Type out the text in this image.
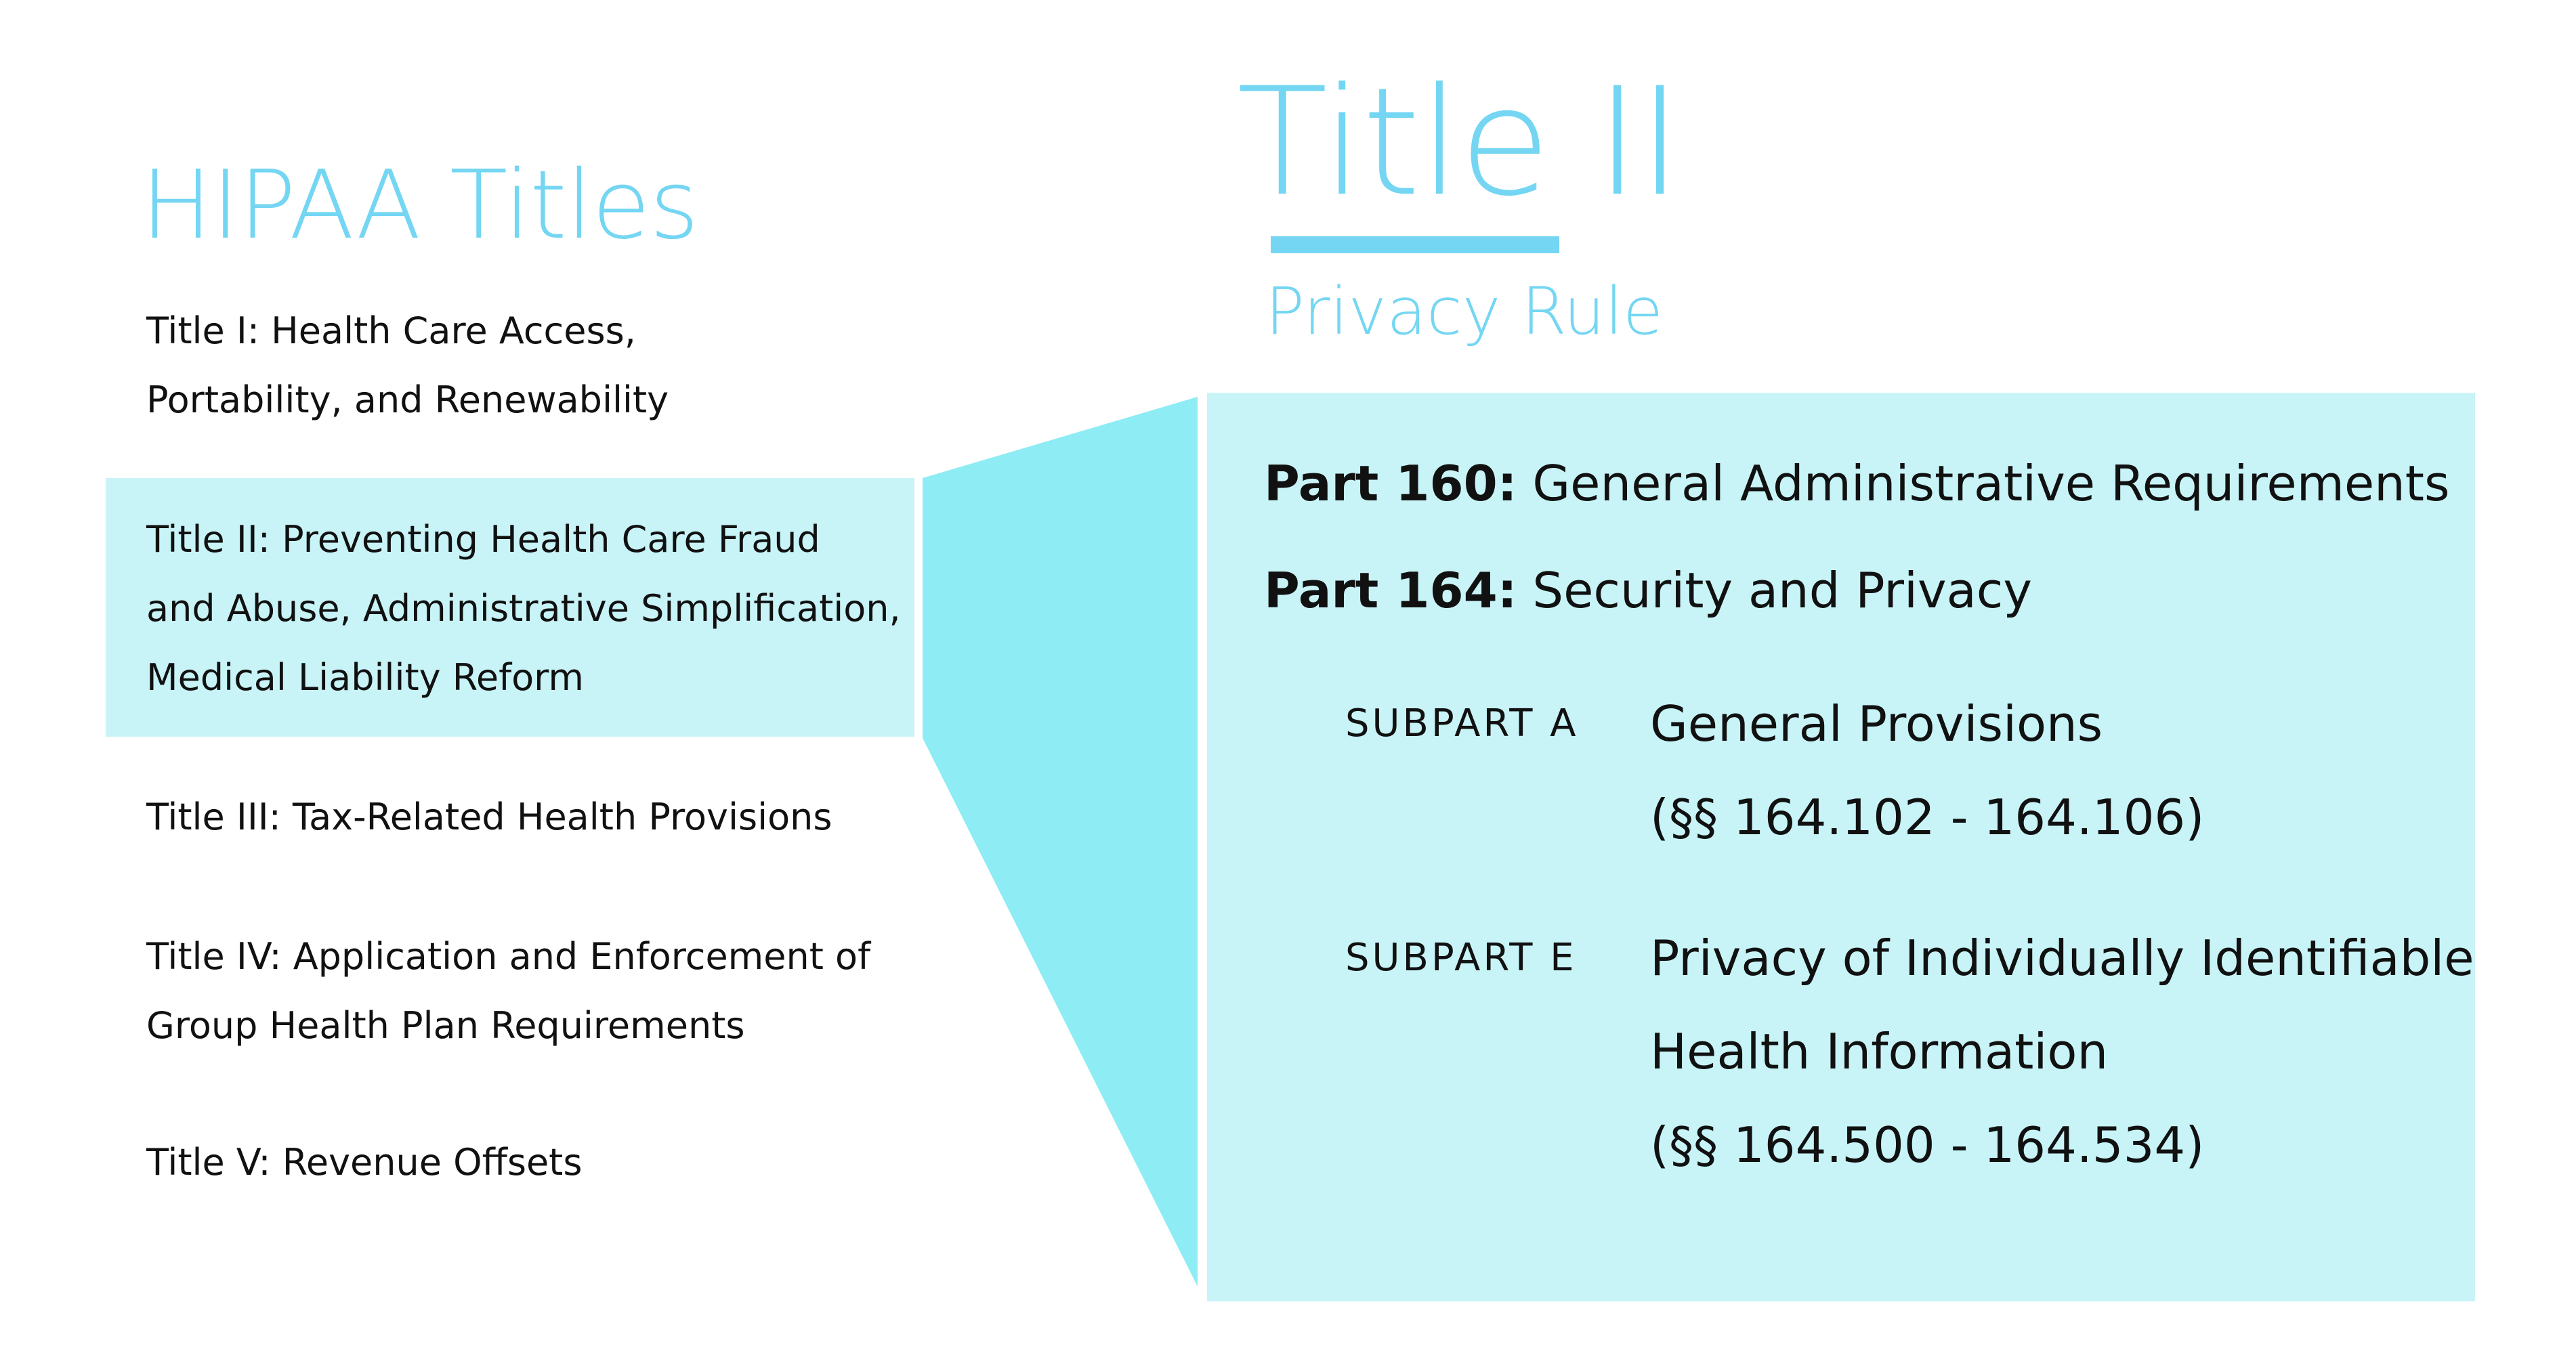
HIPAA Titles
Title I: Health Care Access,
Portability, and Renewability
Title II: Preventing Health Care Fraud
and Abuse, Administrative Simplification,
Medical Liability Reform
Title III: Tax-Related Health Provisions
Title IV: Application and Enforcement of
Group Health Plan Requirements
Title V: Revenue Offsets
Title II
Privacy Rule
Part 160: General Administrative Requirements
Part 164: Security and Privacy
SUBPART A General Provisions
(§§ 164.102 - 164.106)
SUBPART E Privacy of Individually Identifiable
Health Information
(§§ 164.500 - 164.534)
